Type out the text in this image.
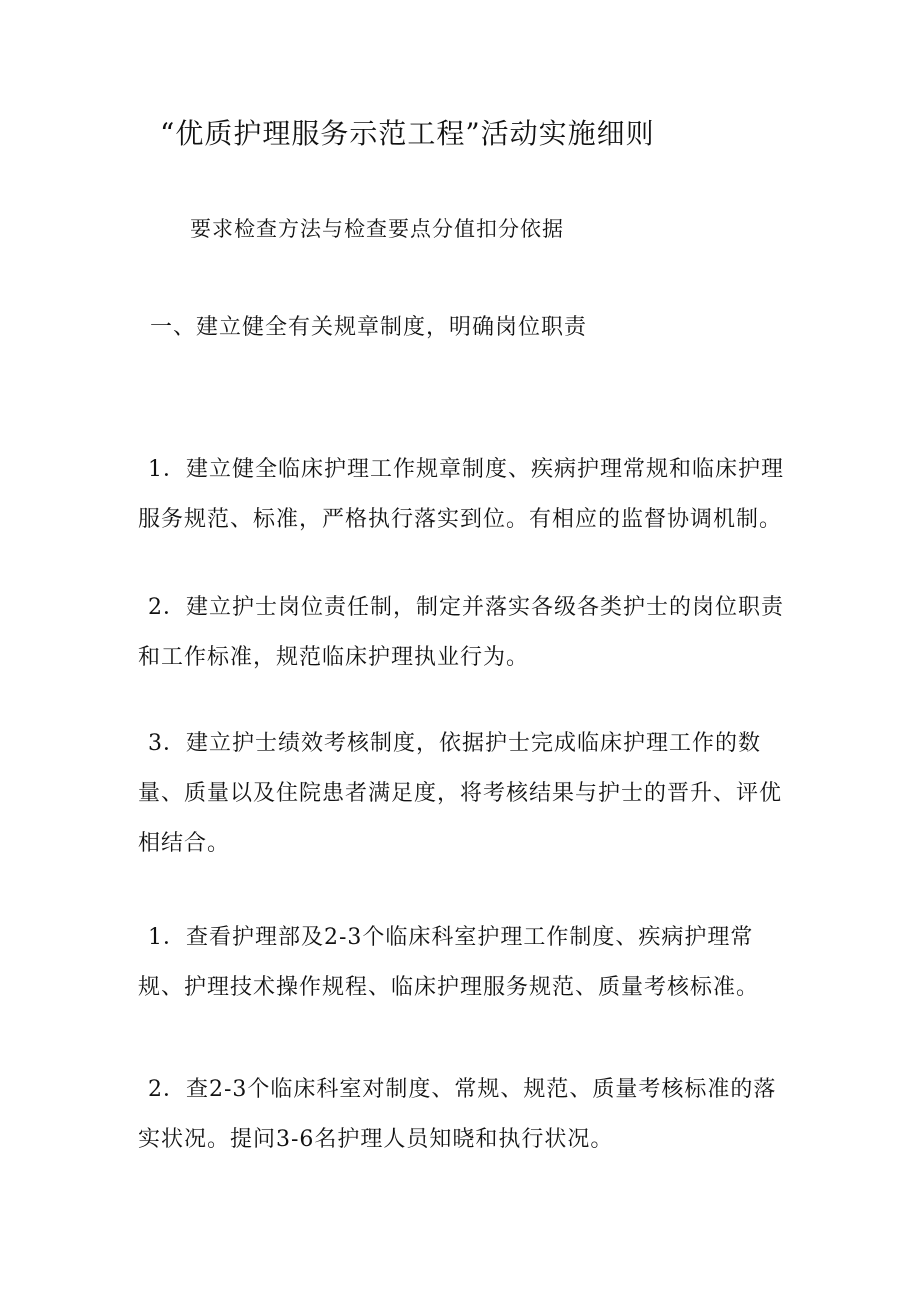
“优质护理服务示范工程”活动实施细则
要求检查方法与检查要点分值扣分依据
一、建立健全有关规章制度，明确岗位职责
1．建立健全临床护理工作规章制度、疾病护理常规和临床护理服务规范、标准，严格执行落实到位。有相应的监督协调机制。
2．建立护士岗位责任制，制定并落实各级各类护士的岗位职责和工作标准，规范临床护理执业行为。
3．建立护士绩效考核制度，依据护士完成临床护理工作的数量、质量以及住院患者满足度，将考核结果与护士的晋升、评优相结合。
1．查看护理部及2-3个临床科室护理工作制度、疾病护理常规、护理技术操作规程、临床护理服务规范、质量考核标准。
2．查2-3个临床科室对制度、常规、规范、质量考核标准的落实状况。提问3-6名护理人员知晓和执行状况。
